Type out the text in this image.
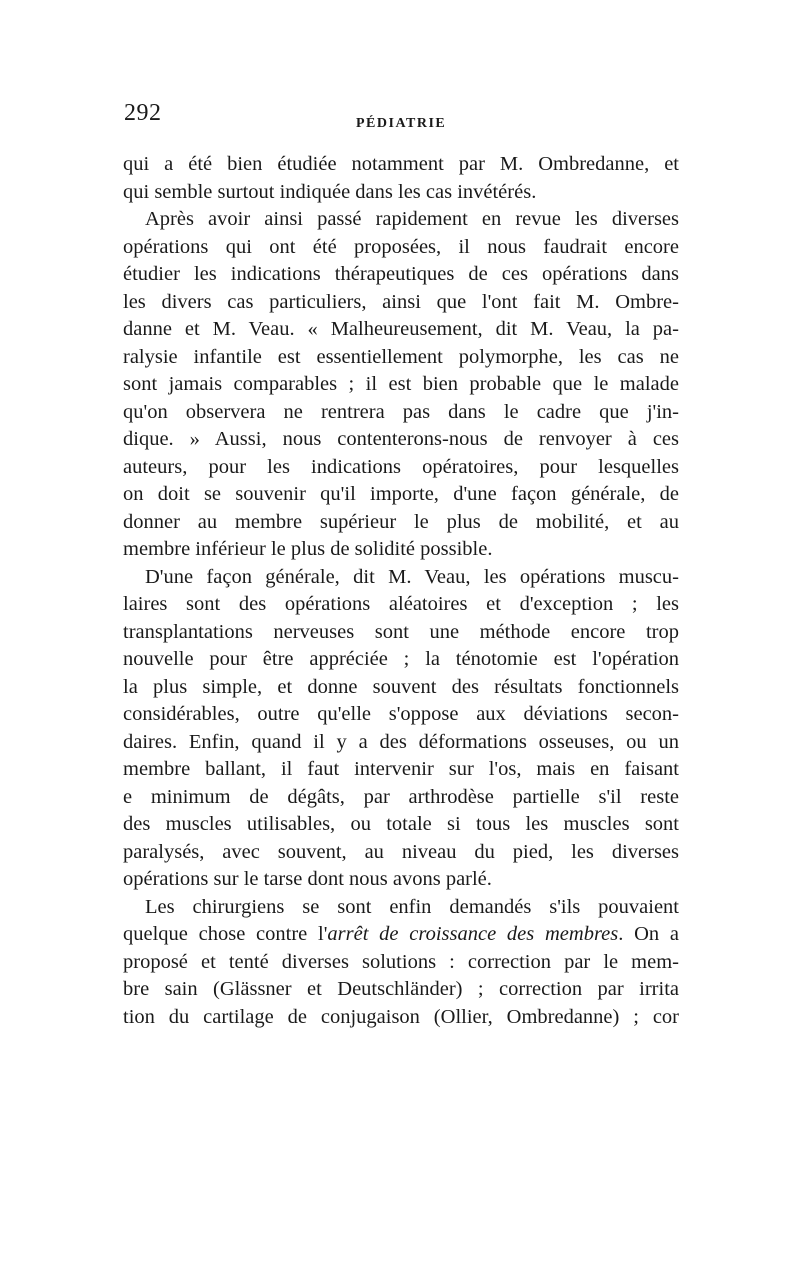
292	PÉDIATRIE
qui a été bien étudiée notamment par M. Ombredanne, et
qui semble surtout indiquée dans les cas invétérés.
Après avoir ainsi passé rapidement en revue les diverses
opérations qui ont été proposées, il nous faudrait encore
étudier les indications thérapeutiques de ces opérations dans
les divers cas particuliers, ainsi que l'ont fait M. Ombre-
danne et M. Veau. « Malheureusement, dit M. Veau, la pa-
ralysie infantile est essentiellement polymorphe, les cas ne
sont jamais comparables ; il est bien probable que le malade
qu'on observera ne rentrera pas dans le cadre que j'in-
dique. » Aussi, nous contenterons-nous de renvoyer à ces
auteurs, pour les indications opératoires, pour lesquelles
on doit se souvenir qu'il importe, d'une façon générale, de
donner au membre supérieur le plus de mobilité, et au
membre inférieur le plus de solidité possible.
D'une façon générale, dit M. Veau, les opérations muscu-
laires sont des opérations aléatoires et d'exception ; les
transplantations nerveuses sont une méthode encore trop
nouvelle pour être appréciée ; la ténotomie est l'opération
la plus simple, et donne souvent des résultats fonctionnels
considérables, outre qu'elle s'oppose aux déviations secon-
daires. Enfin, quand il y a des déformations osseuses, ou un
membre ballant, il faut intervenir sur l'os, mais en faisant
e minimum de dégâts, par arthrodèse partielle s'il reste
des muscles utilisables, ou totale si tous les muscles sont
paralysés, avec souvent, au niveau du pied, les diverses
opérations sur le tarse dont nous avons parlé.
Les chirurgiens se sont enfin demandés s'ils pouvaient
quelque chose contre l'arrêt de croissance des membres. On a
proposé et tenté diverses solutions : correction par le mem-
bre sain (Glässner et Deutschländer) ; correction par irrita
tion du cartilage de conjugaison (Ollier, Ombredanne) ; cor
